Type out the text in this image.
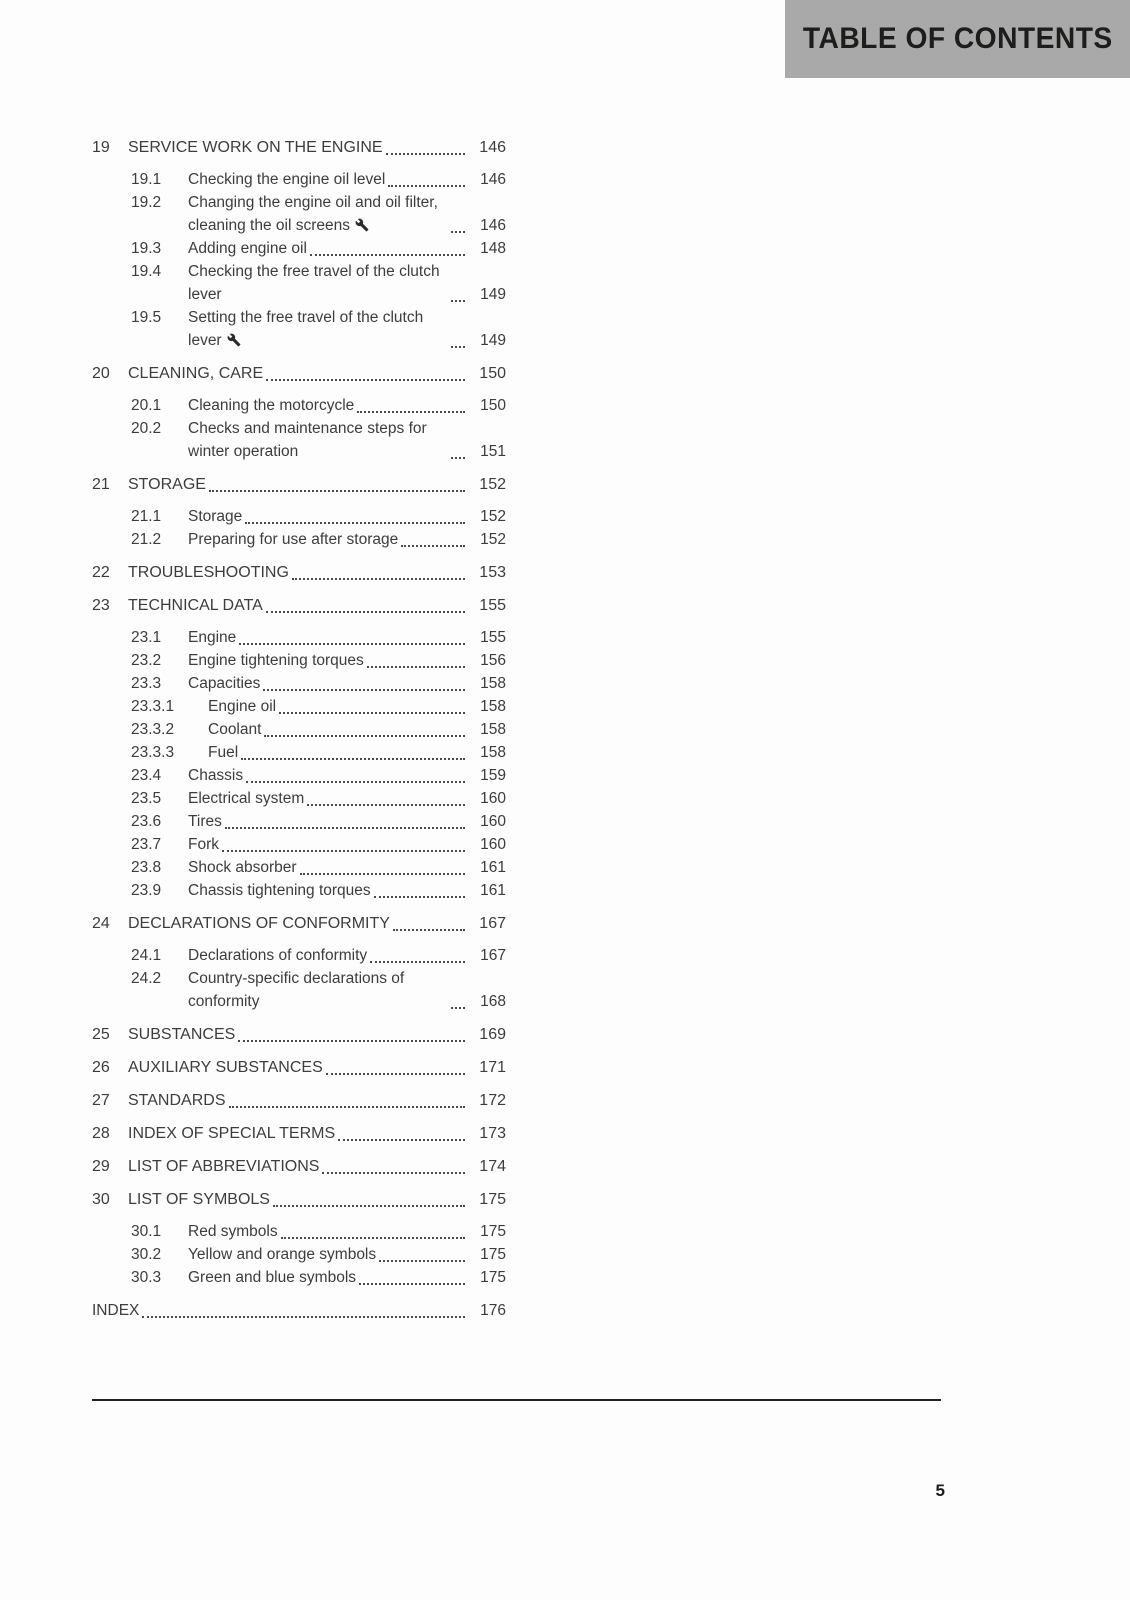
TABLE OF CONTENTS
19	SERVICE WORK ON THE ENGINE	146
19.1	Checking the engine oil level	146
19.2	Changing the engine oil and oil filter, cleaning the oil screens	146
19.3	Adding engine oil	148
19.4	Checking the free travel of the clutch lever	149
19.5	Setting the free travel of the clutch lever	149
20	CLEANING, CARE	150
20.1	Cleaning the motorcycle	150
20.2	Checks and maintenance steps for winter operation	151
21	STORAGE	152
21.1	Storage	152
21.2	Preparing for use after storage	152
22	TROUBLESHOOTING	153
23	TECHNICAL DATA	155
23.1	Engine	155
23.2	Engine tightening torques	156
23.3	Capacities	158
23.3.1	Engine oil	158
23.3.2	Coolant	158
23.3.3	Fuel	158
23.4	Chassis	159
23.5	Electrical system	160
23.6	Tires	160
23.7	Fork	160
23.8	Shock absorber	161
23.9	Chassis tightening torques	161
24	DECLARATIONS OF CONFORMITY	167
24.1	Declarations of conformity	167
24.2	Country-specific declarations of conformity	168
25	SUBSTANCES	169
26	AUXILIARY SUBSTANCES	171
27	STANDARDS	172
28	INDEX OF SPECIAL TERMS	173
29	LIST OF ABBREVIATIONS	174
30	LIST OF SYMBOLS	175
30.1	Red symbols	175
30.2	Yellow and orange symbols	175
30.3	Green and blue symbols	175
INDEX	176
5
